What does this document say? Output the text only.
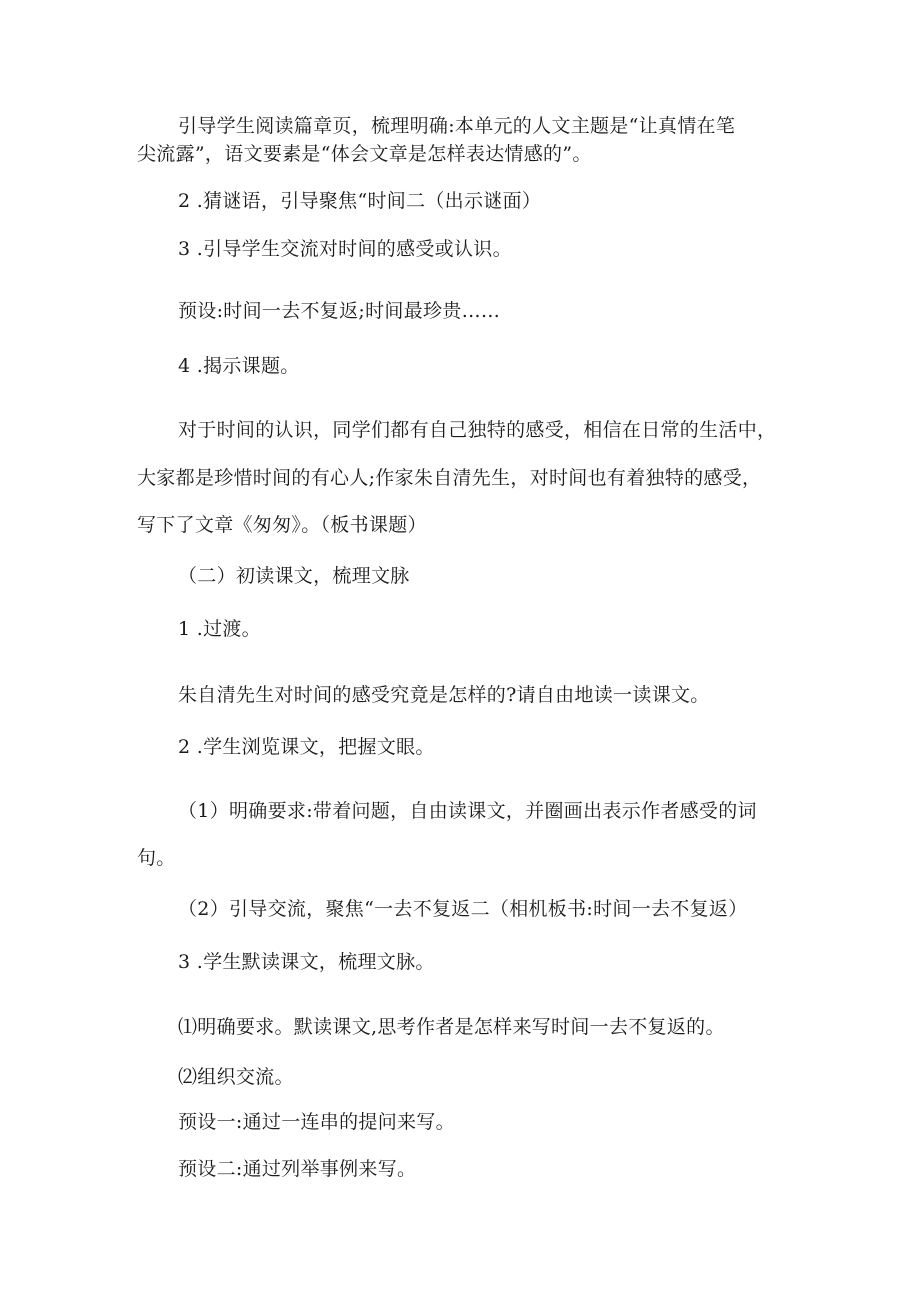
引导学生阅读篇章页，梳理明确:本单元的人文主题是“让真情在笔
尖流露”，语文要素是“体会文章是怎样表达情感的”。
2 .猜谜语，引导聚焦“时间二（出示谜面）
3 .引导学生交流对时间的感受或认识。
预设:时间一去不复返;时间最珍贵……
4 .揭示课题。
对于时间的认识，同学们都有自己独特的感受，相信在日常的生活中，
大家都是珍惜时间的有心人;作家朱自清先生，对时间也有着独特的感受，
写下了文章《匆匆》。（板书课题）
（二）初读课文，梳理文脉
1 .过渡。
朱自清先生对时间的感受究竟是怎样的?请自由地读一读课文。
2 .学生浏览课文，把握文眼。
（1）明确要求:带着问题，自由读课文，并圈画出表示作者感受的词
句。
（2）引导交流，聚焦“一去不复返二（相机板书:时间一去不复返）
3 .学生默读课文，梳理文脉。
⑴明确要求。默读课文,思考作者是怎样来写时间一去不复返的。
⑵组织交流。
预设一:通过一连串的提问来写。
预设二:通过列举事例来写。
